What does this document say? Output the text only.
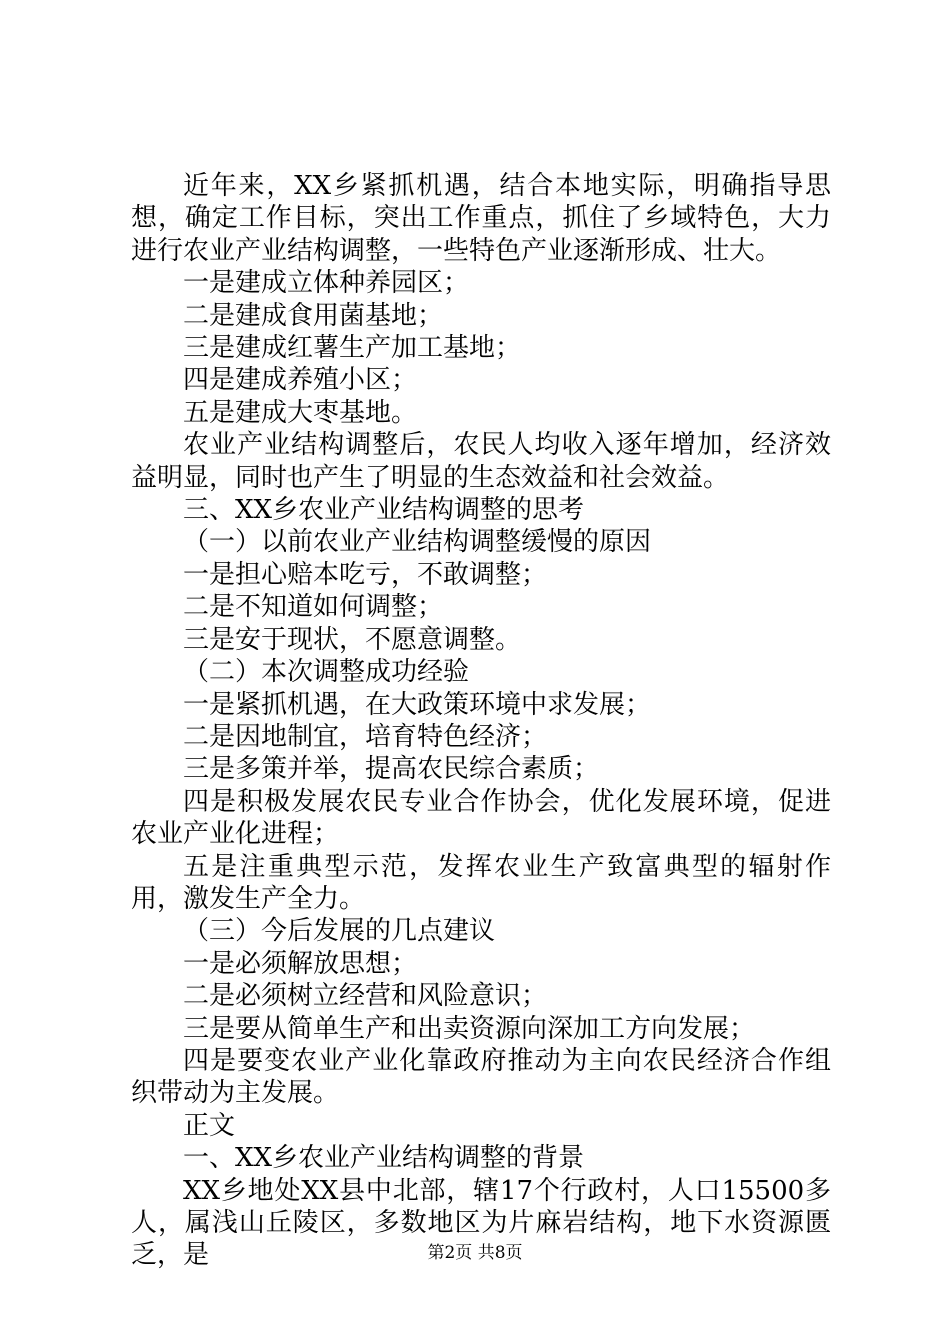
近年来，XX乡紧抓机遇，结合本地实际，明确指导思想，确定工作目标，突出工作重点，抓住了乡域特色，大力进行农业产业结构调整，一些特色产业逐渐形成、壮大。

一是建成立体种养园区；

二是建成食用菌基地；

三是建成红薯生产加工基地；

四是建成养殖小区；

五是建成大枣基地。

农业产业结构调整后，农民人均收入逐年增加，经济效益明显，同时也产生了明显的生态效益和社会效益。

三、XX乡农业产业结构调整的思考

（一）以前农业产业结构调整缓慢的原因

一是担心赔本吃亏，不敢调整；

二是不知道如何调整；

三是安于现状，不愿意调整。

（二）本次调整成功经验

一是紧抓机遇，在大政策环境中求发展；

二是因地制宜，培育特色经济；

三是多策并举，提高农民综合素质；

四是积极发展农民专业合作协会，优化发展环境，促进农业产业化进程；

五是注重典型示范，发挥农业生产致富典型的辐射作用，激发生产全力。

（三）今后发展的几点建议

一是必须解放思想；

二是必须树立经营和风险意识；

三是要从简单生产和出卖资源向深加工方向发展；

四是要变农业产业化靠政府推动为主向农民经济合作组织带动为主发展。

正文

一、XX乡农业产业结构调整的背景

XX乡地处XX县中北部，辖17个行政村，人口15500多人，属浅山丘陵区，多数地区为片麻岩结构，地下水资源匮乏，是	第2页 共8页
